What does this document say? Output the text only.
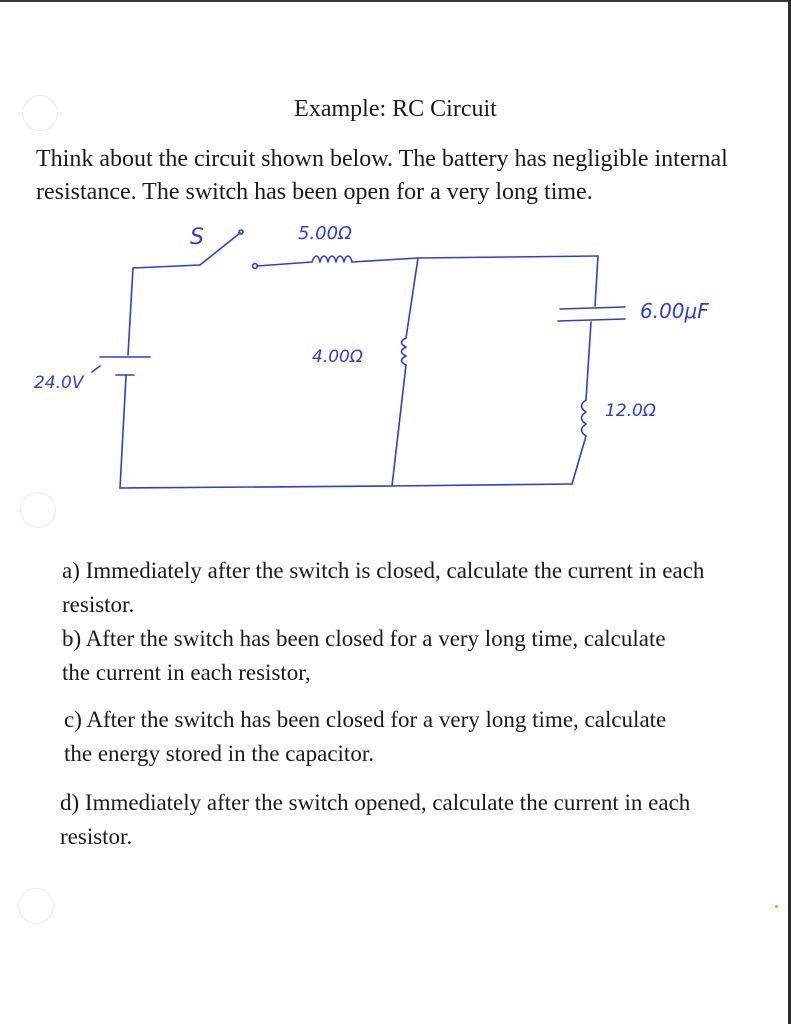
Example: RC Circuit
Think about the circuit shown below. The battery has negligible internal resistance. The switch has been open for a very long time.
S	5.00Ω
4.00Ω
12.0Ω
6.00μF
24.0V
a) Immediately after the switch is closed, calculate the current in each resistor.
b) After the switch has been closed for a very long time, calculate the current in each resistor,
c) After the switch has been closed for a very long time, calculate the energy stored in the capacitor.
d) Immediately after the switch opened, calculate the current in each resistor.
